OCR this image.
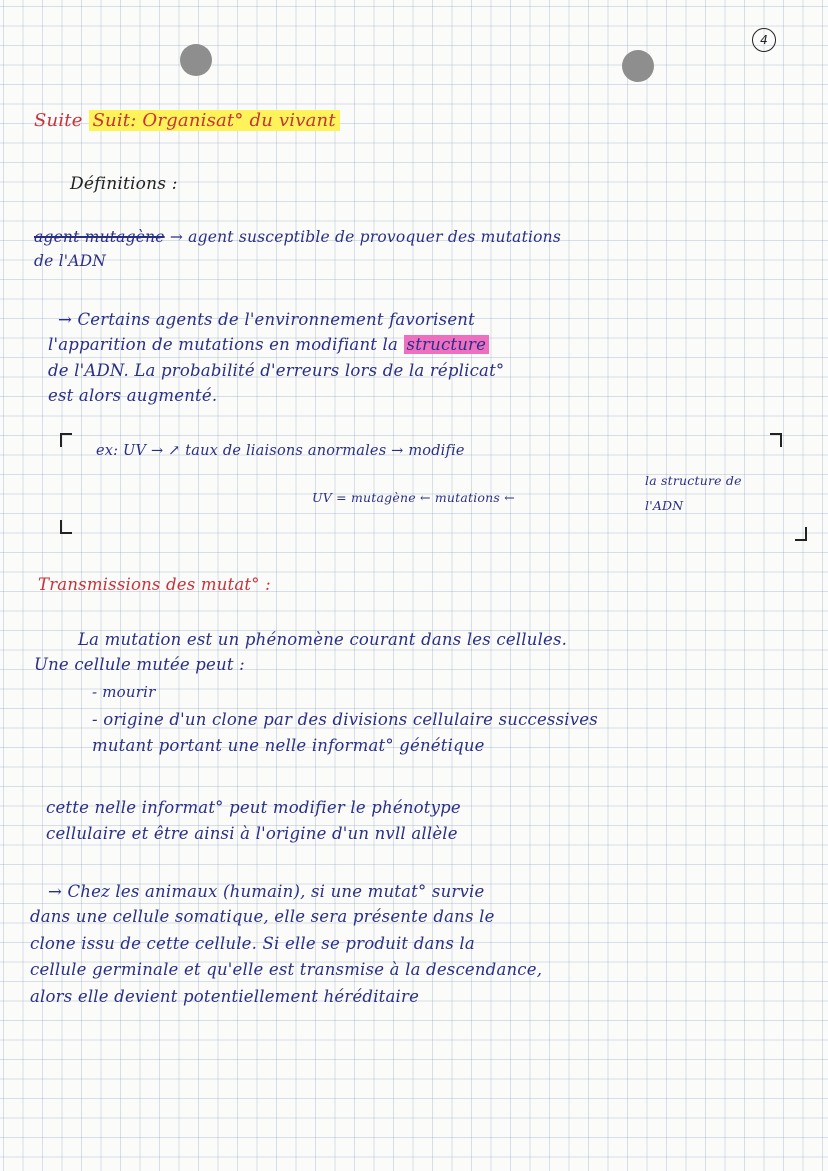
4
Suite Suit: Organisat° du vivant
Définitions :
agent mutagène → agent susceptible de provoquer des mutations
de l'ADN
→ Certains agents de l'environnement favorisent
l'apparition de mutations en modifiant la structure
de l'ADN. La probabilité d'erreurs lors de la réplicat°
est alors augmenté.
ex: UV → ↗ taux de liaisons anormales → modifie
la structure de
l'ADN
UV = mutagène ← mutations ←
Transmissions des mutat° :
La mutation est un phénomène courant dans les cellules.
Une cellule mutée peut :
- mourir
- origine d'un clone par des divisions cellulaire successives
mutant portant une nelle informat° génétique
cette nelle informat° peut modifier le phénotype
cellulaire et être ainsi à l'origine d'un nvll allèle
→ Chez les animaux (humain), si une mutat° survie
dans une cellule somatique, elle sera présente dans le
clone issu de cette cellule. Si elle se produit dans la
cellule germinale et qu'elle est transmise à la descendance,
alors elle devient potentiellement héréditaire
